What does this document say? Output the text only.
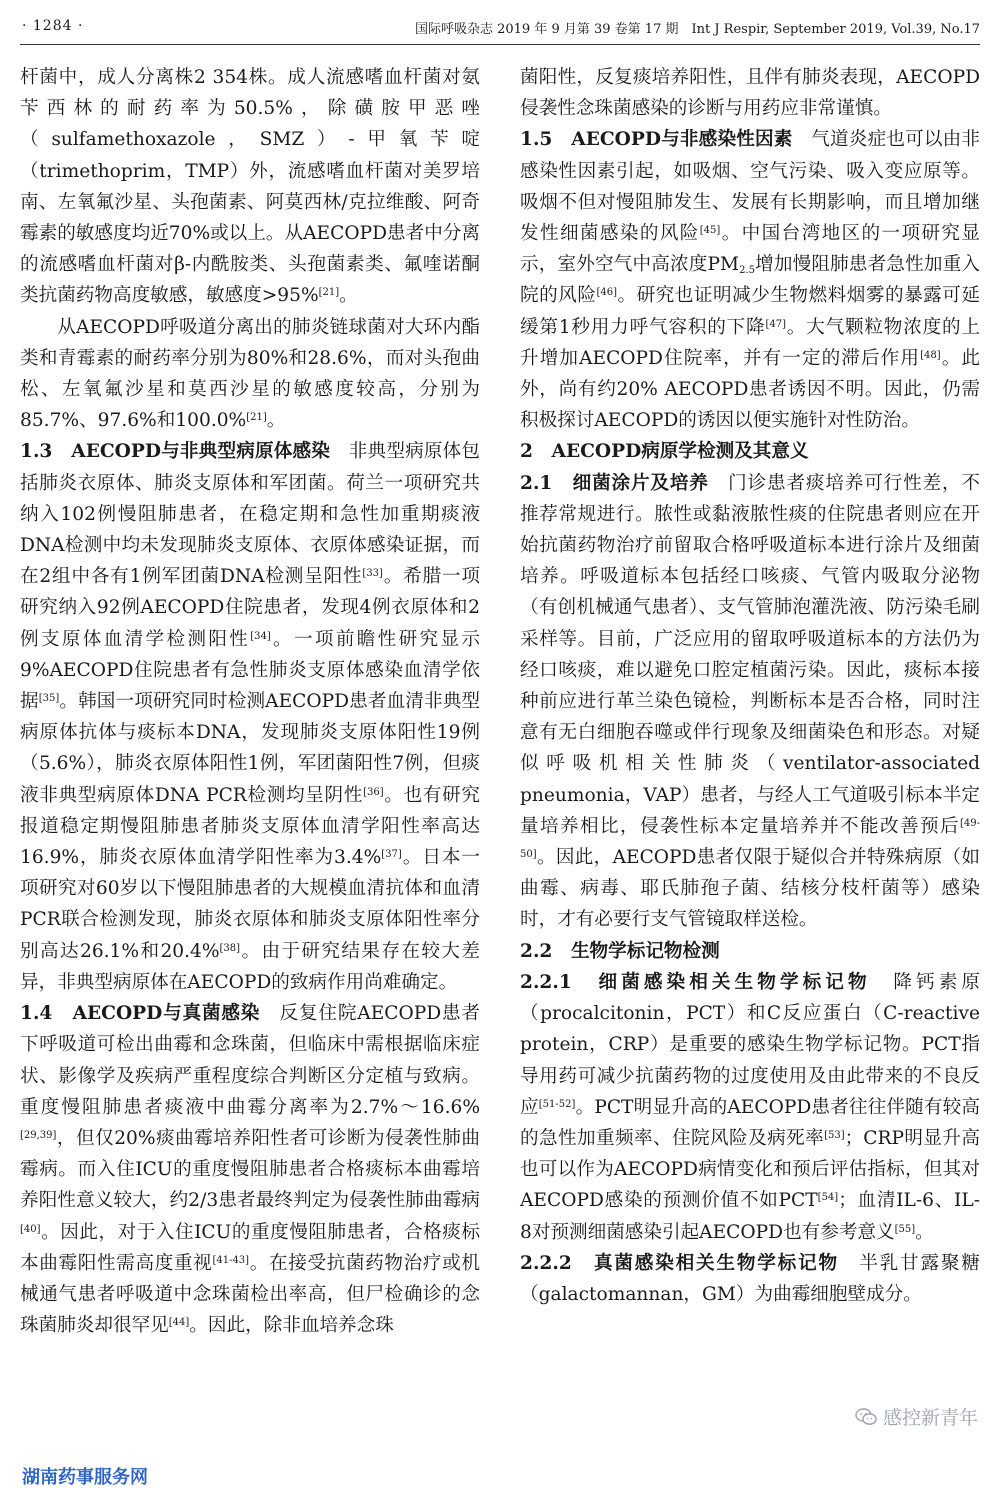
· 1284 ·	国际呼吸杂志 2019 年 9 月第 39 卷第 17 期　Int J Respir, September 2019, Vol.39, No.17

杆菌中，成人分离株2 354株。成人流感嗜血杆菌对氨苄西林的耐药率为50.5%，除磺胺甲恶唑（sulfamethoxazole，SMZ）-甲氧苄啶（trimethoprim，TMP）外，流感嗜血杆菌对美罗培南、左氧氟沙星、头孢菌素、阿莫西林/克拉维酸、阿奇霉素的敏感度均近70%或以上。从AECOPD患者中分离的流感嗜血杆菌对β-内酰胺类、头孢菌素类、氟喹诺酮类抗菌药物高度敏感，敏感度>95%[21]。

从AECOPD呼吸道分离出的肺炎链球菌对大环内酯类和青霉素的耐药率分别为80%和28.6%，而对头孢曲松、左氧氟沙星和莫西沙星的敏感度较高，分别为85.7%、97.6%和100.0%[21]。

1.3　AECOPD与非典型病原体感染　非典型病原体包括肺炎衣原体、肺炎支原体和军团菌。荷兰一项研究共纳入102例慢阻肺患者，在稳定期和急性加重期痰液DNA检测中均未发现肺炎支原体、衣原体感染证据，而在2组中各有1例军团菌DNA检测呈阳性[33]。希腊一项研究纳入92例AECOPD住院患者，发现4例衣原体和2例支原体血清学检测阳性[34]。一项前瞻性研究显示9%AECOPD住院患者有急性肺炎支原体感染血清学依据[35]。韩国一项研究同时检测AECOPD患者血清非典型病原体抗体与痰标本DNA，发现肺炎支原体阳性19例（5.6%），肺炎衣原体阳性1例，军团菌阳性7例，但痰液非典型病原体DNA PCR检测均呈阴性[36]。也有研究报道稳定期慢阻肺患者肺炎支原体血清学阳性率高达16.9%，肺炎衣原体血清学阳性率为3.4%[37]。日本一项研究对60岁以下慢阻肺患者的大规模血清抗体和血清PCR联合检测发现，肺炎衣原体和肺炎支原体阳性率分别高达26.1%和20.4%[38]。由于研究结果存在较大差异，非典型病原体在AECOPD的致病作用尚难确定。

1.4　AECOPD与真菌感染　反复住院AECOPD患者下呼吸道可检出曲霉和念珠菌，但临床中需根据临床症状、影像学及疾病严重程度综合判断区分定植与致病。重度慢阻肺患者痰液中曲霉分离率为2.7%～16.6%[29,39]，但仅20%痰曲霉培养阳性者可诊断为侵袭性肺曲霉病。而入住ICU的重度慢阻肺患者合格痰标本曲霉培养阳性意义较大，约2/3患者最终判定为侵袭性肺曲霉病[40]。因此，对于入住ICU的重度慢阻肺患者，合格痰标本曲霉阳性需高度重视[41-43]。在接受抗菌药物治疗或机械通气患者呼吸道中念珠菌检出率高，但尸检确诊的念珠菌肺炎却很罕见[44]。因此，除非血培养念珠

菌阳性，反复痰培养阳性，且伴有肺炎表现，AECOPD侵袭性念珠菌感染的诊断与用药应非常谨慎。

1.5　AECOPD与非感染性因素　气道炎症也可以由非感染性因素引起，如吸烟、空气污染、吸入变应原等。吸烟不但对慢阻肺发生、发展有长期影响，而且增加继发性细菌感染的风险[45]。中国台湾地区的一项研究显示，室外空气中高浓度$PM_{2.5}$增加慢阻肺患者急性加重入院的风险[46]。研究也证明减少生物燃料烟雾的暴露可延缓第1秒用力呼气容积的下降[47]。大气颗粒物浓度的上升增加AECOPD住院率，并有一定的滞后作用[48]。此外，尚有约20% AECOPD患者诱因不明。因此，仍需积极探讨AECOPD的诱因以便实施针对性防治。

2　AECOPD病原学检测及其意义

2.1　细菌涂片及培养　门诊患者痰培养可行性差，不推荐常规进行。脓性或黏液脓性痰的住院患者则应在开始抗菌药物治疗前留取合格呼吸道标本进行涂片及细菌培养。呼吸道标本包括经口咳痰、气管内吸取分泌物（有创机械通气患者）、支气管肺泡灌洗液、防污染毛刷采样等。目前，广泛应用的留取呼吸道标本的方法仍为经口咳痰，难以避免口腔定植菌污染。因此，痰标本接种前应进行革兰染色镜检，判断标本是否合格，同时注意有无白细胞吞噬或伴行现象及细菌染色和形态。对疑似呼吸机相关性肺炎（ventilator-associated pneumonia，VAP）患者，与经人工气道吸引标本半定量培养相比，侵袭性标本定量培养并不能改善预后[49-50]。因此，AECOPD患者仅限于疑似合并特殊病原（如曲霉、病毒、耶氏肺孢子菌、结核分枝杆菌等）感染时，才有必要行支气管镜取样送检。

2.2　生物学标记物检测

2.2.1　细菌感染相关生物学标记物　降钙素原（procalcitonin，PCT）和C反应蛋白（C-reactive protein，CRP）是重要的感染生物学标记物。PCT指导用药可减少抗菌药物的过度使用及由此带来的不良反应[51-52]。PCT明显升高的AECOPD患者往往伴随有较高的急性加重频率、住院风险及病死率[53]；CRP明显升高也可以作为AECOPD病情变化和预后评估指标，但其对AECOPD感染的预测价值不如PCT[54]；血清IL-6、IL-8对预测细菌感染引起AECOPD也有参考意义[55]。

2.2.2　真菌感染相关生物学标记物　半乳甘露聚糖（galactomannan，GM）为曲霉细胞壁成分。

感控新青年
湖南药事服务网
